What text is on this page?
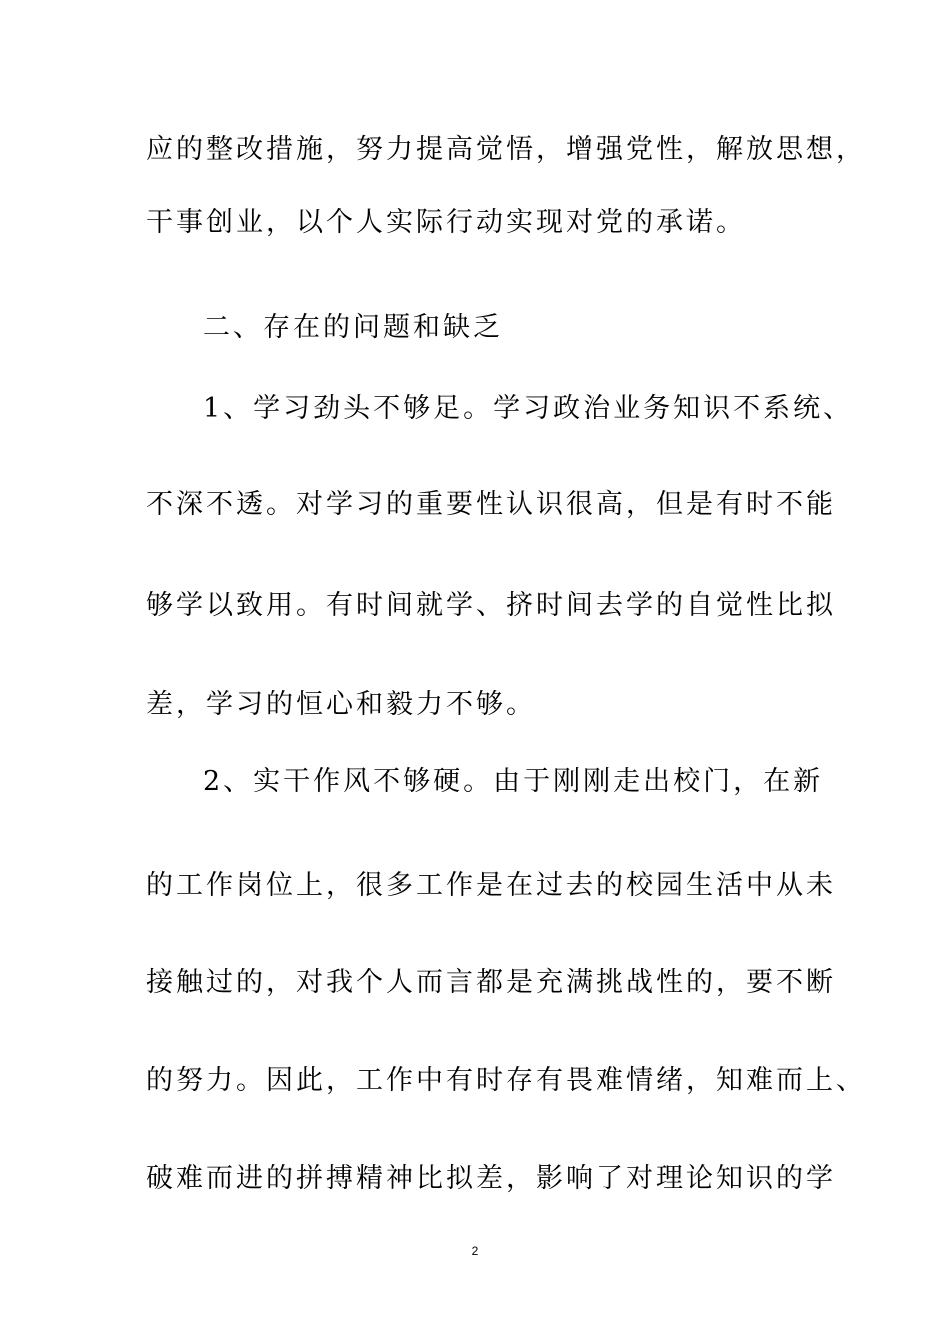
应的整改措施，努力提高觉悟，增强党性，解放思想，
干事创业，以个人实际行动实现对党的承诺。
二、存在的问题和缺乏
1、学习劲头不够足。学习政治业务知识不系统、
不深不透。对学习的重要性认识很高，但是有时不能
够学以致用。有时间就学、挤时间去学的自觉性比拟
差，学习的恒心和毅力不够。
2、实干作风不够硬。由于刚刚走出校门，在新
的工作岗位上，很多工作是在过去的校园生活中从未
接触过的，对我个人而言都是充满挑战性的，要不断
的努力。因此，工作中有时存有畏难情绪，知难而上、
破难而进的拼搏精神比拟差，影响了对理论知识的学
2
